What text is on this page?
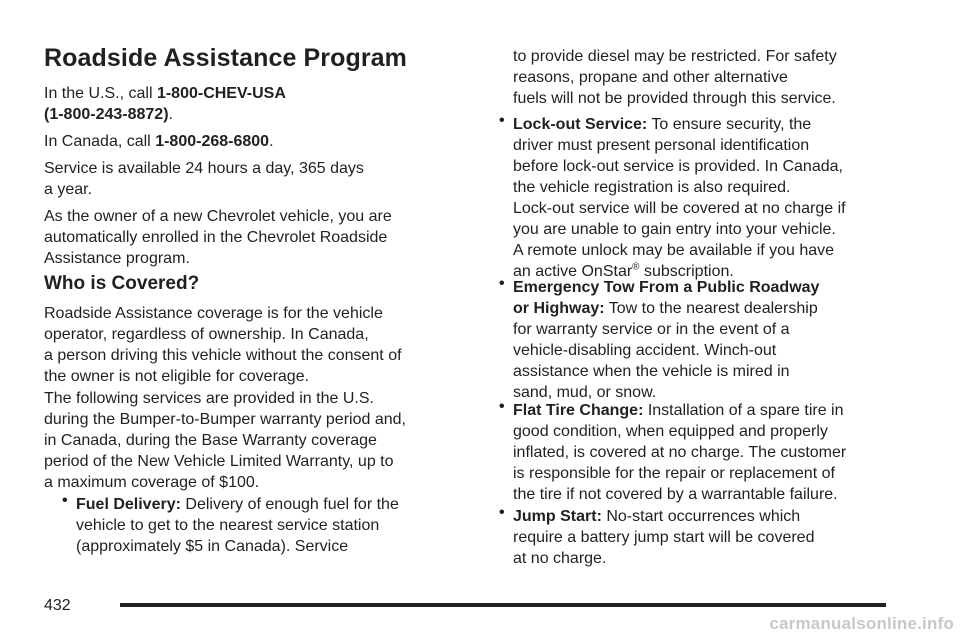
Roadside Assistance Program

In the U.S., call 1-800-CHEV-USA
(1-800-243-8872).

In Canada, call 1-800-268-6800.

Service is available 24 hours a day, 365 days
a year.

As the owner of a new Chevrolet vehicle, you are
automatically enrolled in the Chevrolet Roadside
Assistance program.

Who is Covered?

Roadside Assistance coverage is for the vehicle
operator, regardless of ownership. In Canada,
a person driving this vehicle without the consent of
the owner is not eligible for coverage.

The following services are provided in the U.S.
during the Bumper-to-Bumper warranty period and,
in Canada, during the Base Warranty coverage
period of the New Vehicle Limited Warranty, up to
a maximum coverage of $100.

• Fuel Delivery: Delivery of enough fuel for the
vehicle to get to the nearest service station
(approximately $5 in Canada). Service

to provide diesel may be restricted. For safety
reasons, propane and other alternative
fuels will not be provided through this service.

• Lock-out Service: To ensure security, the
driver must present personal identification
before lock-out service is provided. In Canada,
the vehicle registration is also required.
Lock-out service will be covered at no charge if
you are unable to gain entry into your vehicle.
A remote unlock may be available if you have
an active OnStar® subscription.

• Emergency Tow From a Public Roadway
or Highway: Tow to the nearest dealership
for warranty service or in the event of a
vehicle-disabling accident. Winch-out
assistance when the vehicle is mired in
sand, mud, or snow.

• Flat Tire Change: Installation of a spare tire in
good condition, when equipped and properly
inflated, is covered at no charge. The customer
is responsible for the repair or replacement of
the tire if not covered by a warrantable failure.

• Jump Start: No-start occurrences which
require a battery jump start will be covered
at no charge.

432
carmanualsonline.info
